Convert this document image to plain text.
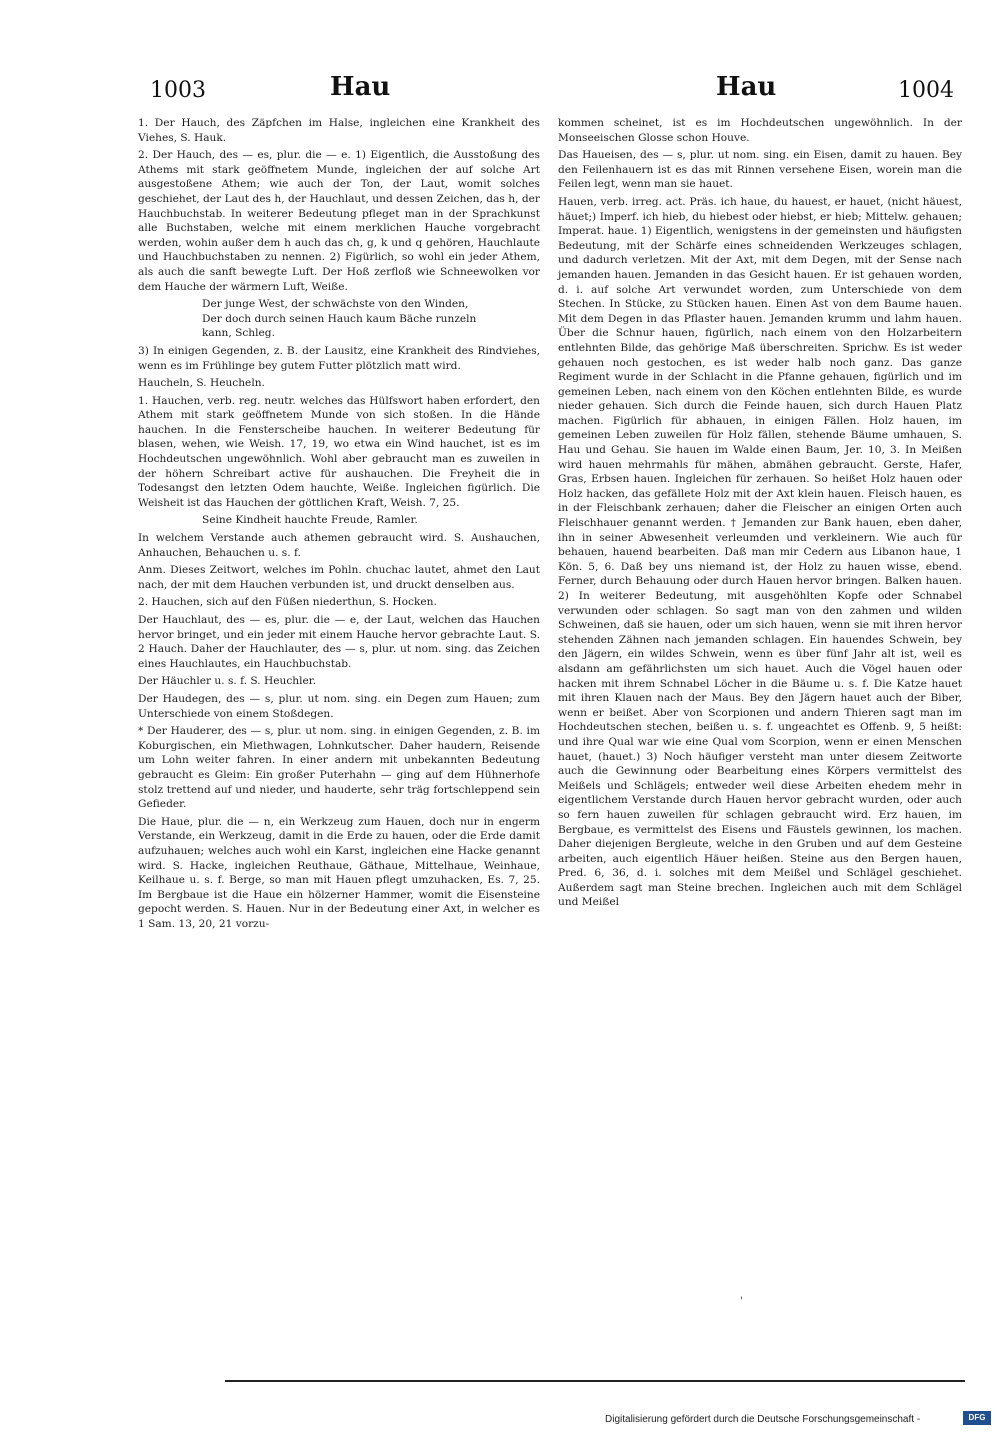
1003	Hau	Hau	1004

1. Der Hauch, des Zäpfchen im Halse, ingleichen eine Krankheit des Viehes, S. Hauk.

2. Der Hauch, des — es, plur. die — e. 1) Eigentlich, die Ausstoßung des Athems mit stark geöffnetem Munde, ingleichen der auf solche Art ausgestoßene Athem; wie auch der Ton, der Laut, womit solches geschiehet, der Laut des h, der Hauchlaut, und dessen Zeichen, das h, der Hauchbuchstab. In weiterer Bedeutung pfleget man in der Sprachkunst alle Buchstaben, welche mit einem merklichen Hauche vorgebracht werden, wohin außer dem h auch das ch, g, k und q gehören, Hauchlaute und Hauchbuchstaben zu nennen. 2) Figürlich, so wohl ein jeder Athem, als auch die sanft bewegte Luft. Der Hoß zerfloß wie Schneewolken vor dem Hauche der wärmern Luft, Weiße.

Der junge West, der schwächste von den Winden,
Der doch durch seinen Hauch kaum Bäche runzeln
kann, Schleg.

3) In einigen Gegenden, z. B. der Lausitz, eine Krankheit des Rindviehes, wenn es im Frühlinge bey gutem Futter plötzlich matt wird.

Haucheln, S. Heucheln.

1. Hauchen, verb. reg. neutr. welches das Hülfswort haben erfordert, den Athem mit stark geöffnetem Munde von sich stoßen. In die Hände hauchen. In die Fensterscheibe hauchen. In weiterer Bedeutung für blasen, wehen, wie Weish. 17, 19, wo etwa ein Wind hauchet, ist es im Hochdeutschen ungewöhnlich. Wohl aber gebraucht man es zuweilen in der höhern Schreibart active für aushauchen. Die Freyheit die in Todesangst den letzten Odem hauchte, Weiße. Ingleichen figürlich. Die Weisheit ist das Hauchen der göttlichen Kraft, Weish. 7, 25.

Seine Kindheit hauchte Freude, Ramler.

In welchem Verstande auch athemen gebraucht wird. S. Aushauchen, Anhauchen, Behauchen u. s. f.

Anm. Dieses Zeitwort, welches im Pohln. chuchac lautet, ahmet den Laut nach, der mit dem Hauchen verbunden ist, und druckt denselben aus.

2. Hauchen, sich auf den Füßen niederthun, S. Hocken.

Der Hauchlaut, des — es, plur. die — e, der Laut, welchen das Hauchen hervor bringet, und ein jeder mit einem Hauche hervor gebrachte Laut. S. 2 Hauch. Daher der Hauchlauter, des — s, plur. ut nom. sing. das Zeichen eines Hauchlautes, ein Hauchbuchstab.

Der Häuchler u. s. f. S. Heuchler.

Der Haudegen, des — s, plur. ut nom. sing. ein Degen zum Hauen; zum Unterschiede von einem Stoßdegen.

* Der Hauderer, des — s, plur. ut nom. sing. in einigen Gegenden, z. B. im Koburgischen, ein Miethwagen, Lohnkutscher. Daher haudern, Reisende um Lohn weiter fahren. In einer andern mit unbekannten Bedeutung gebraucht es Gleim: Ein großer Puterhahn — ging auf dem Hühnerhofe stolz trettend auf und nieder, und hauderte, sehr träg fortschleppend sein Gefieder.

Die Haue, plur. die — n, ein Werkzeug zum Hauen, doch nur in engerm Verstande, ein Werkzeug, damit in die Erde zu hauen, oder die Erde damit aufzuhauen; welches auch wohl ein Karst, ingleichen eine Hacke genannt wird. S. Hacke, ingleichen Reuthaue, Gäthaue, Mittelhaue, Weinhaue, Keilhaue u. s. f. Berge, so man mit Hauen pflegt umzuhacken, Es. 7, 25. Im Bergbaue ist die Haue ein hölzerner Hammer, womit die Eisensteine gepocht werden. S. Hauen. Nur in der Bedeutung einer Axt, in welcher es 1 Sam. 13, 20, 21 vorzu-

kommen scheinet, ist es im Hochdeutschen ungewöhnlich. In der Monseeischen Glosse schon Houve.

Das Haueisen, des — s, plur. ut nom. sing. ein Eisen, damit zu hauen. Bey den Feilenhauern ist es das mit Rinnen versehene Eisen, worein man die Feilen legt, wenn man sie hauet.

Hauen, verb. irreg. act. Präs. ich haue, du hauest, er hauet, (nicht häuest, häuet;) Imperf. ich hieb, du hiebest oder hiebst, er hieb; Mittelw. gehauen; Imperat. haue. 1) Eigentlich, wenigstens in der gemeinsten und häufigsten Bedeutung, mit der Schärfe eines schneidenden Werkzeuges schlagen, und dadurch verletzen. Mit der Axt, mit dem Degen, mit der Sense nach jemanden hauen. Jemanden in das Gesicht hauen. Er ist gehauen worden, d. i. auf solche Art verwundet worden, zum Unterschiede von dem Stechen. In Stücke, zu Stücken hauen. Einen Ast von dem Baume hauen. Mit dem Degen in das Pflaster hauen. Jemanden krumm und lahm hauen. Über die Schnur hauen, figürlich, nach einem von den Holzarbeitern entlehnten Bilde, das gehörige Maß überschreiten. Sprichw. Es ist weder gehauen noch gestochen, es ist weder halb noch ganz. Das ganze Regiment wurde in der Schlacht in die Pfanne gehauen, figürlich und im gemeinen Leben, nach einem von den Köchen entlehnten Bilde, es wurde nieder gehauen. Sich durch die Feinde hauen, sich durch Hauen Platz machen. Figürlich für abhauen, in einigen Fällen. Holz hauen, im gemeinen Leben zuweilen für Holz fällen, stehende Bäume umhauen, S. Hau und Gehau. Sie hauen im Walde einen Baum, Jer. 10, 3. In Meißen wird hauen mehrmahls für mähen, abmähen gebraucht. Gerste, Hafer, Gras, Erbsen hauen. Ingleichen für zerhauen. So heißet Holz hauen oder Holz hacken, das gefällete Holz mit der Axt klein hauen. Fleisch hauen, es in der Fleischbank zerhauen; daher die Fleischer an einigen Orten auch Fleischhauer genannt werden. † Jemanden zur Bank hauen, eben daher, ihn in seiner Abwesenheit verleumden und verkleinern. Wie auch für behauen, hauend bearbeiten. Daß man mir Cedern aus Libanon haue, 1 Kön. 5, 6. Daß bey uns niemand ist, der Holz zu hauen wisse, ebend. Ferner, durch Behauung oder durch Hauen hervor bringen. Balken hauen. 2) In weiterer Bedeutung, mit ausgehöhlten Kopfe oder Schnabel verwunden oder schlagen. So sagt man von den zahmen und wilden Schweinen, daß sie hauen, oder um sich hauen, wenn sie mit ihren hervor stehenden Zähnen nach jemanden schlagen. Ein hauendes Schwein, bey den Jägern, ein wildes Schwein, wenn es über fünf Jahr alt ist, weil es alsdann am gefährlichsten um sich hauet. Auch die Vögel hauen oder hacken mit ihrem Schnabel Löcher in die Bäume u. s. f. Die Katze hauet mit ihren Klauen nach der Maus. Bey den Jägern hauet auch der Biber, wenn er beißet. Aber von Scorpionen und andern Thieren sagt man im Hochdeutschen stechen, beißen u. s. f. ungeachtet es Offenb. 9, 5 heißt: und ihre Qual war wie eine Qual vom Scorpion, wenn er einen Menschen hauet, (hauet.) 3) Noch häufiger versteht man unter diesem Zeitworte auch die Gewinnung oder Bearbeitung eines Körpers vermittelst des Meißels und Schlägels; entweder weil diese Arbeiten ehedem mehr in eigentlichem Verstande durch Hauen hervor gebracht wurden, oder auch so fern hauen zuweilen für schlagen gebraucht wird. Erz hauen, im Bergbaue, es vermittelst des Eisens und Fäustels gewinnen, los machen. Daher diejenigen Bergleute, welche in den Gruben und auf dem Gesteine arbeiten, auch eigentlich Häuer heißen. Steine aus den Bergen hauen, Pred. 6, 36, d. i. solches mit dem Meißel und Schlägel geschiehet. Außerdem sagt man Steine brechen. Ingleichen auch mit dem Schlägel und Meißel

'
Digitalisierung gefördert durch die Deutsche Forschungsgemeinschaft -	DFG
